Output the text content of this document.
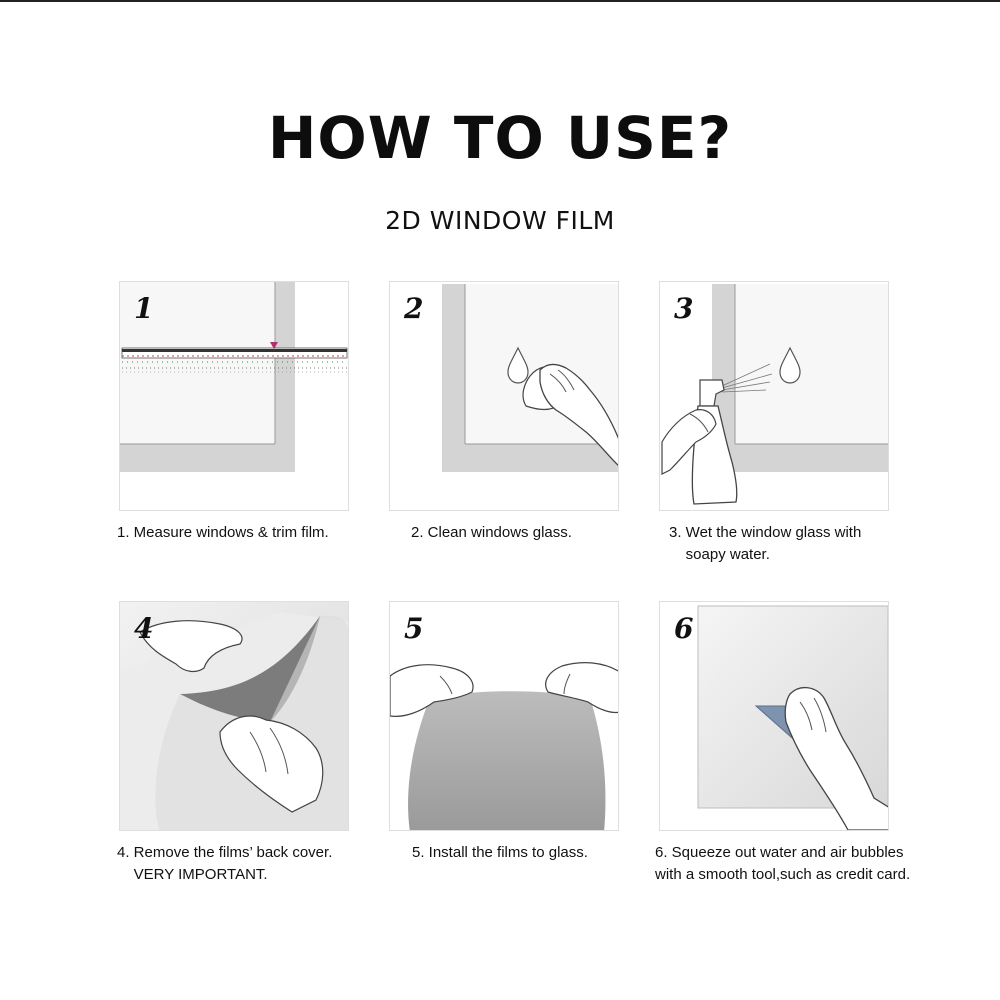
HOW TO USE?
2D WINDOW FILM
1	2	3
4	5	6
1. Measure windows & trim film.	2. Clean windows glass.	3. Wet the window glass with
soapy water.
4. Remove the films’ back cover.
VERY IMPORTANT.
5. Install the films to glass.	6. Squeeze out water and air bubbles
with a smooth tool,such as credit card.
